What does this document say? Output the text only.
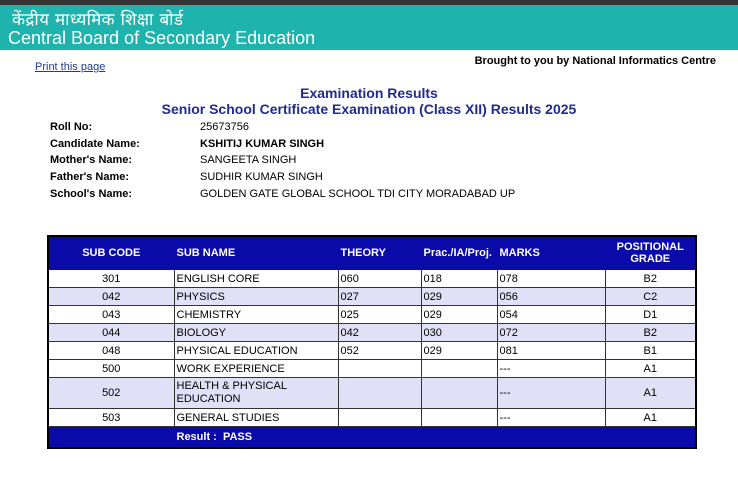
केंद्रीय माध्यमिक शिक्षा बोर्ड
Central Board of Secondary Education
Print this page	Brought to you by National Informatics Centre
Examination Results
Senior School Certificate Examination (Class XII) Results 2025
Roll No:	25673756
Candidate Name:	KSHITIJ KUMAR SINGH
Mother's Name:	SANGEETA SINGH
Father's Name:	SUDHIR KUMAR SINGH
School's Name:	GOLDEN GATE GLOBAL SCHOOL TDI CITY MORADABAD UP
SUB CODE	SUB NAME	THEORY	Prac./IA/Proj.	MARKS	POSITIONAL GRADE
301	ENGLISH CORE	060	018	078	B2
042	PHYSICS	027	029	056	C2
043	CHEMISTRY	025	029	054	D1
044	BIOLOGY	042	030	072	B2
048	PHYSICAL EDUCATION	052	029	081	B1
500	WORK EXPERIENCE			---	A1
502	HEALTH & PHYSICAL EDUCATION			---	A1
503	GENERAL STUDIES			---	A1
	Result : PASS				
